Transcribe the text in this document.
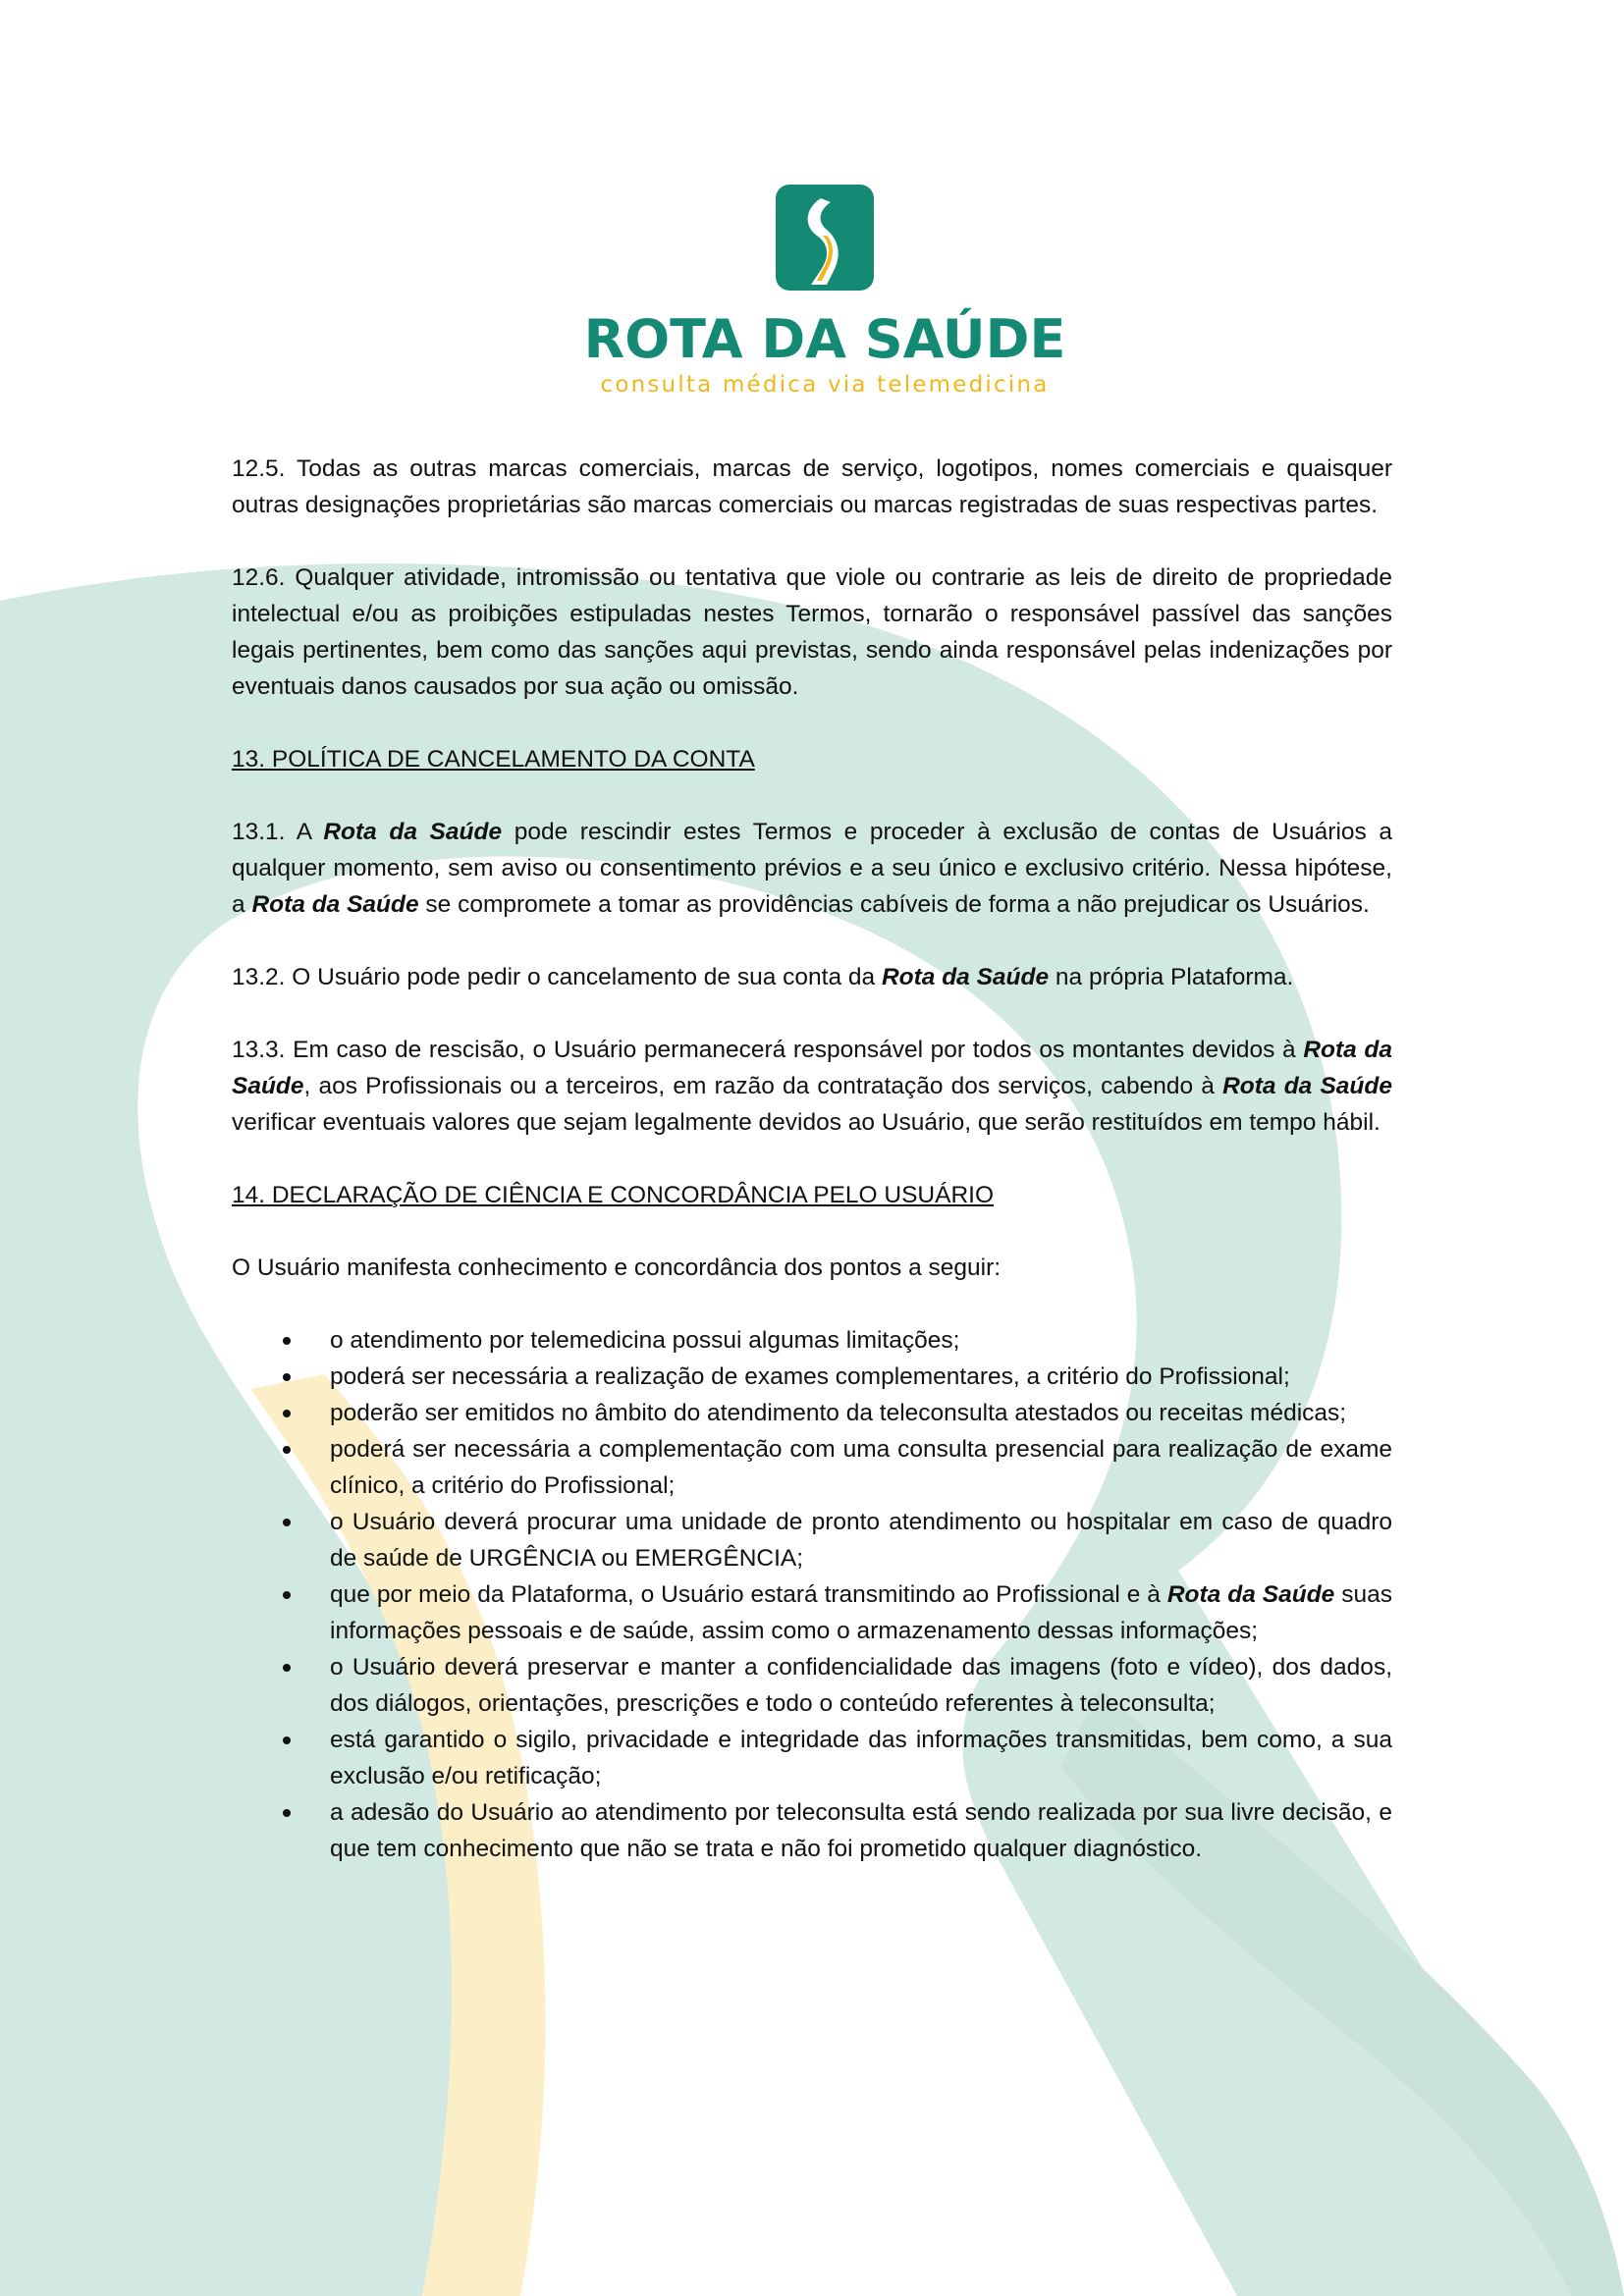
ROTA DA SAÚDE
consulta médica via telemedicina

12.5. Todas as outras marcas comerciais, marcas de serviço, logotipos, nomes comerciais e quaisquer outras designações proprietárias são marcas comerciais ou marcas registradas de suas respectivas partes.

12.6. Qualquer atividade, intromissão ou tentativa que viole ou contrarie as leis de direito de propriedade intelectual e/ou as proibições estipuladas nestes Termos, tornarão o responsável passível das sanções legais pertinentes, bem como das sanções aqui previstas, sendo ainda responsável pelas indenizações por eventuais danos causados por sua ação ou omissão.

13. POLÍTICA DE CANCELAMENTO DA CONTA

13.1. A Rota da Saúde pode rescindir estes Termos e proceder à exclusão de contas de Usuários a qualquer momento, sem aviso ou consentimento prévios e a seu único e exclusivo critério. Nessa hipótese, a Rota da Saúde se compromete a tomar as providências cabíveis de forma a não prejudicar os Usuários.

13.2. O Usuário pode pedir o cancelamento de sua conta da Rota da Saúde na própria Plataforma.

13.3. Em caso de rescisão, o Usuário permanecerá responsável por todos os montantes devidos à Rota da Saúde, aos Profissionais ou a terceiros, em razão da contratação dos serviços, cabendo à Rota da Saúde verificar eventuais valores que sejam legalmente devidos ao Usuário, que serão restituídos em tempo hábil.

14. DECLARAÇÃO DE CIÊNCIA E CONCORDÂNCIA PELO USUÁRIO

O Usuário manifesta conhecimento e concordância dos pontos a seguir:

o atendimento por telemedicina possui algumas limitações;
poderá ser necessária a realização de exames complementares, a critério do Profissional;
poderão ser emitidos no âmbito do atendimento da teleconsulta atestados ou receitas médicas;
poderá ser necessária a complementação com uma consulta presencial para realização de exame clínico, a critério do Profissional;
o Usuário deverá procurar uma unidade de pronto atendimento ou hospitalar em caso de quadro de saúde de URGÊNCIA ou EMERGÊNCIA;
que por meio da Plataforma, o Usuário estará transmitindo ao Profissional e à Rota da Saúde suas informações pessoais e de saúde, assim como o armazenamento dessas informações;
o Usuário deverá preservar e manter a confidencialidade das imagens (foto e vídeo), dos dados, dos diálogos, orientações, prescrições e todo o conteúdo referentes à teleconsulta;
está garantido o sigilo, privacidade e integridade das informações transmitidas, bem como, a sua exclusão e/ou retificação;
a adesão do Usuário ao atendimento por teleconsulta está sendo realizada por sua livre decisão, e que tem conhecimento que não se trata e não foi prometido qualquer diagnóstico.
